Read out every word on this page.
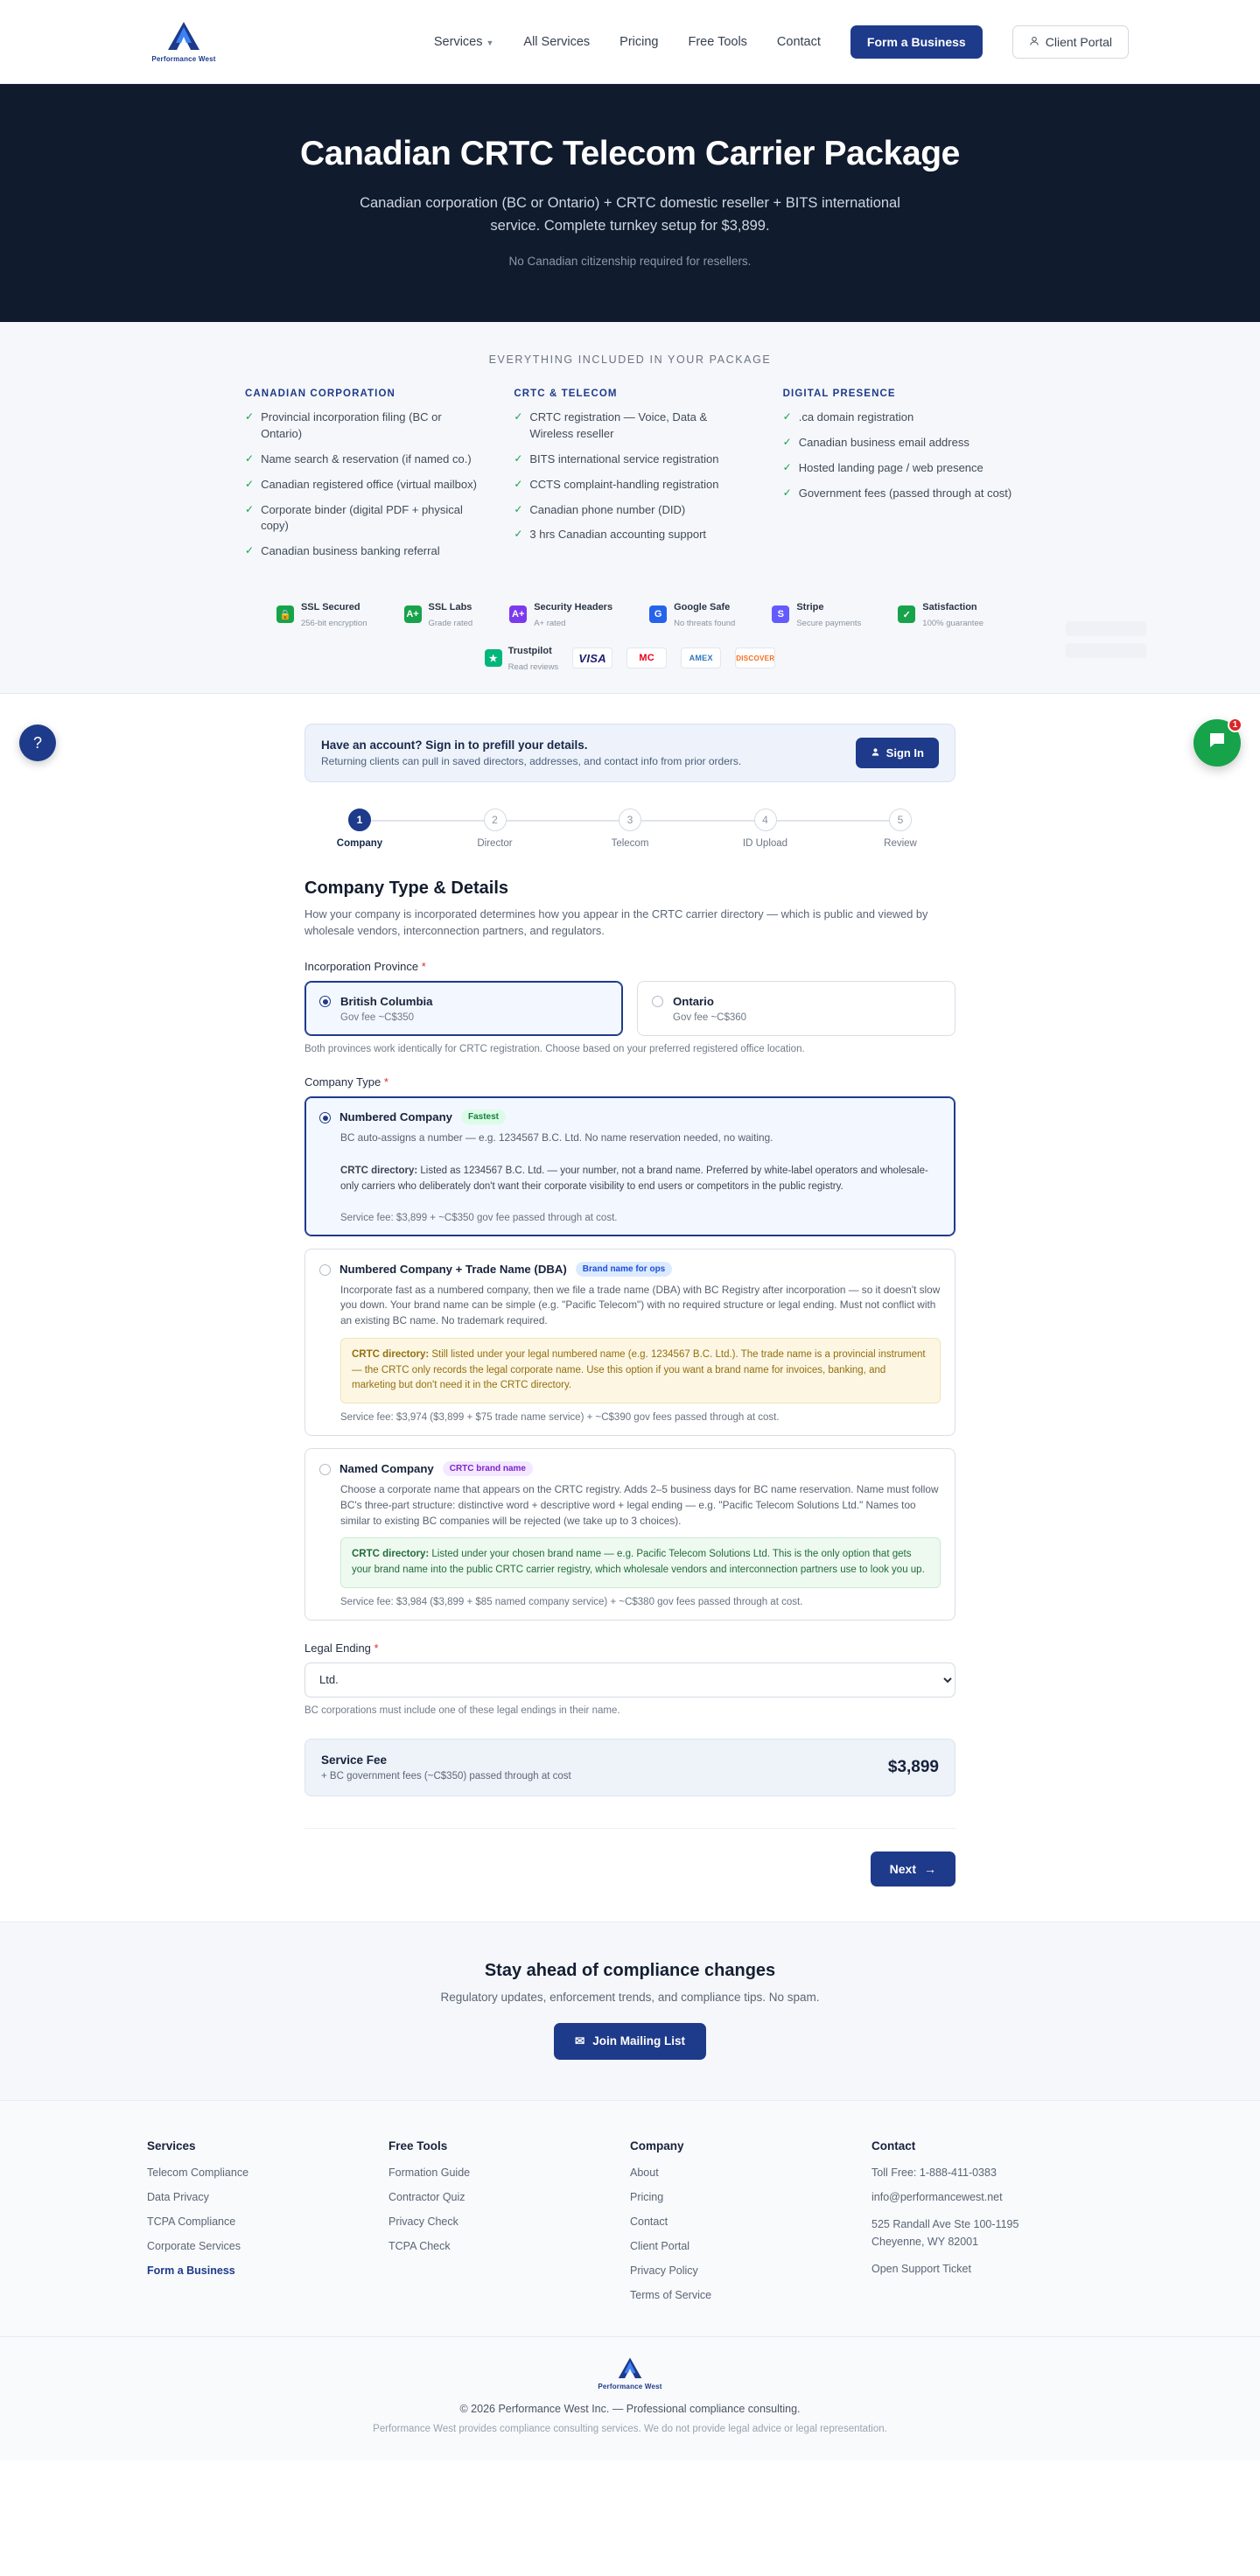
Performance West
Services ▼ All Services Pricing Free Tools Contact	Form a Business	Client Portal
Canadian CRTC Telecom Carrier Package

Canadian corporation (BC or Ontario) + CRTC domestic reseller + BITS international service. Complete turnkey setup for $3,899.

No Canadian citizenship required for resellers.

EVERYTHING INCLUDED IN YOUR PACKAGE
CANADIAN CORPORATION
✓ Provincial incorporation filing (BC or Ontario)
✓ Name search & reservation (if named co.)
✓ Canadian registered office (virtual mailbox)
✓ Corporate binder (digital PDF + physical copy)
✓ Canadian business banking referral
CRTC & TELECOM
✓ CRTC registration — Voice, Data & Wireless reseller
✓ BITS international service registration
✓ CCTS complaint-handling registration
✓ Canadian phone number (DID)
✓ 3 hrs Canadian accounting support
DIGITAL PRESENCE
✓ .ca domain registration
✓ Canadian business email address
✓ Hosted landing page / web presence
✓ Government fees (passed through at cost)
🔒
SSL Secured
256-bit encryption
A+
SSL Labs
Grade rated
A+
Security Headers
A+ rated
G
Google Safe
No threats found
S
Stripe
Secure payments
✓
Satisfaction
100% guarantee
★
Trustpilot
Read reviews
VISA	MC	AMEX	DISCOVER
?
1
Have an account? Sign in to prefill your details.
Returning clients can pull in saved directors, addresses, and contact info from prior orders.
Sign In
1
Company
2
Director
3
Telecom
4
ID Upload
5
Review
Company Type & Details

How your company is incorporated determines how you appear in the CRTC carrier directory — which is public and viewed by wholesale vendors, interconnection partners, and regulators.

Incorporation Province *
British Columbia
Gov fee ~C$350
Ontario
Gov fee ~C$360
Both provinces work identically for CRTC registration. Choose based on your preferred registered office location.
Company Type *
Numbered Company	Fastest
BC auto-assigns a number — e.g. 1234567 B.C. Ltd. No name reservation needed, no waiting.
CRTC directory: Listed as 1234567 B.C. Ltd. — your number, not a brand name. Preferred by white-label operators and wholesale-only carriers who deliberately don't want their corporate visibility to end users or competitors in the public registry.
Service fee: $3,899 + ~C$350 gov fee passed through at cost.
Numbered Company + Trade Name (DBA)	Brand name for ops
Incorporate fast as a numbered company, then we file a trade name (DBA) with BC Registry after incorporation — so it doesn't slow you down. Your brand name can be simple (e.g. "Pacific Telecom") with no required structure or legal ending. Must not conflict with an existing BC name. No trademark required.
CRTC directory: Still listed under your legal numbered name (e.g. 1234567 B.C. Ltd.). The trade name is a provincial instrument — the CRTC only records the legal corporate name. Use this option if you want a brand name for invoices, banking, and marketing but don't need it in the CRTC directory.
Service fee: $3,974 ($3,899 + $75 trade name service) + ~C$390 gov fees passed through at cost.
Named Company	CRTC brand name
Choose a corporate name that appears on the CRTC registry. Adds 2–5 business days for BC name reservation. Name must follow BC's three-part structure: distinctive word + descriptive word + legal ending — e.g. "Pacific Telecom Solutions Ltd." Names too similar to existing BC companies will be rejected (we take up to 3 choices).
CRTC directory: Listed under your chosen brand name — e.g. Pacific Telecom Solutions Ltd. This is the only option that gets your brand name into the public CRTC carrier registry, which wholesale vendors and interconnection partners use to look you up.
Service fee: $3,984 ($3,899 + $85 named company service) + ~C$380 gov fees passed through at cost.
Legal Ending *
Ltd.
BC corporations must include one of these legal endings in their name.
Service Fee
+ BC government fees (~C$350) passed through at cost	$3,899
Next →
Stay ahead of compliance changes

Regulatory updates, enforcement trends, and compliance tips. No spam.

✉ Join Mailing List
Services
Telecom Compliance
Data Privacy
TCPA Compliance
Corporate Services
Form a Business
Free Tools
Formation Guide
Contractor Quiz
Privacy Check
TCPA Check
Company
About
Pricing
Contact
Client Portal
Privacy Policy
Terms of Service
Contact
Toll Free: 1-888-411-0383
info@performancewest.net
525 Randall Ave Ste 100-1195
Cheyenne, WY 82001
Open Support Ticket
Performance West
© 2026 Performance West Inc. — Professional compliance consulting.
Performance West provides compliance consulting services. We do not provide legal advice or legal representation.
